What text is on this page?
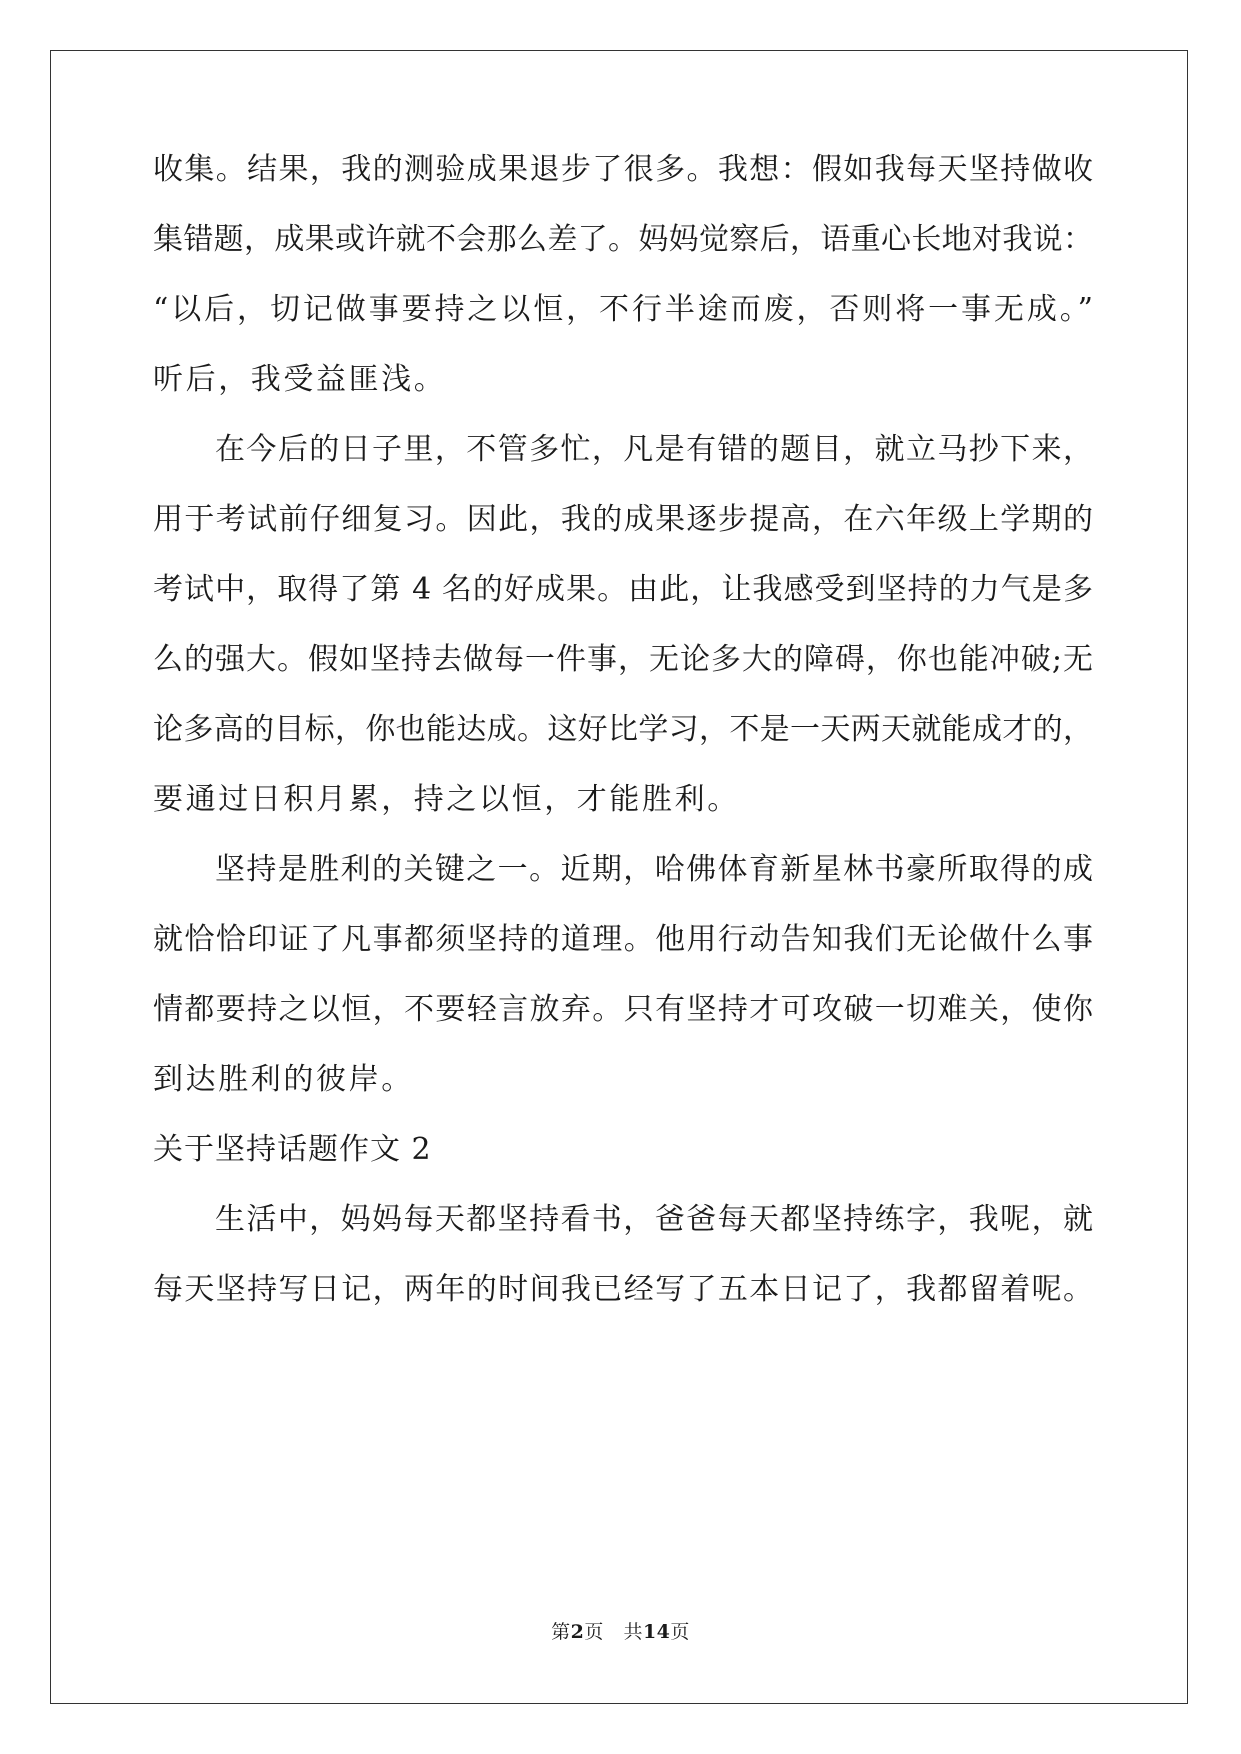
收集。结果，我的测验成果退步了很多。我想：假如我每天坚持做收
集错题，成果或许就不会那么差了。妈妈觉察后，语重心长地对我说：
“以后，切记做事要持之以恒，不行半途而废，否则将一事无成。”
听后，我受益匪浅。
在今后的日子里，不管多忙，凡是有错的题目，就立马抄下来，
用于考试前仔细复习。因此，我的成果逐步提高，在六年级上学期的
考试中，取得了第 4 名的好成果。由此，让我感受到坚持的力气是多
么的强大。假如坚持去做每一件事，无论多大的障碍，你也能冲破;无
论多高的目标，你也能达成。这好比学习，不是一天两天就能成才的，
要通过日积月累，持之以恒，才能胜利。
坚持是胜利的关键之一。近期，哈佛体育新星林书豪所取得的成
就恰恰印证了凡事都须坚持的道理。他用行动告知我们无论做什么事
情都要持之以恒，不要轻言放弃。只有坚持才可攻破一切难关，使你
到达胜利的彼岸。
关于坚持话题作文 2
生活中，妈妈每天都坚持看书，爸爸每天都坚持练字，我呢，就
每天坚持写日记，两年的时间我已经写了五本日记了，我都留着呢。
第2页   共14页
